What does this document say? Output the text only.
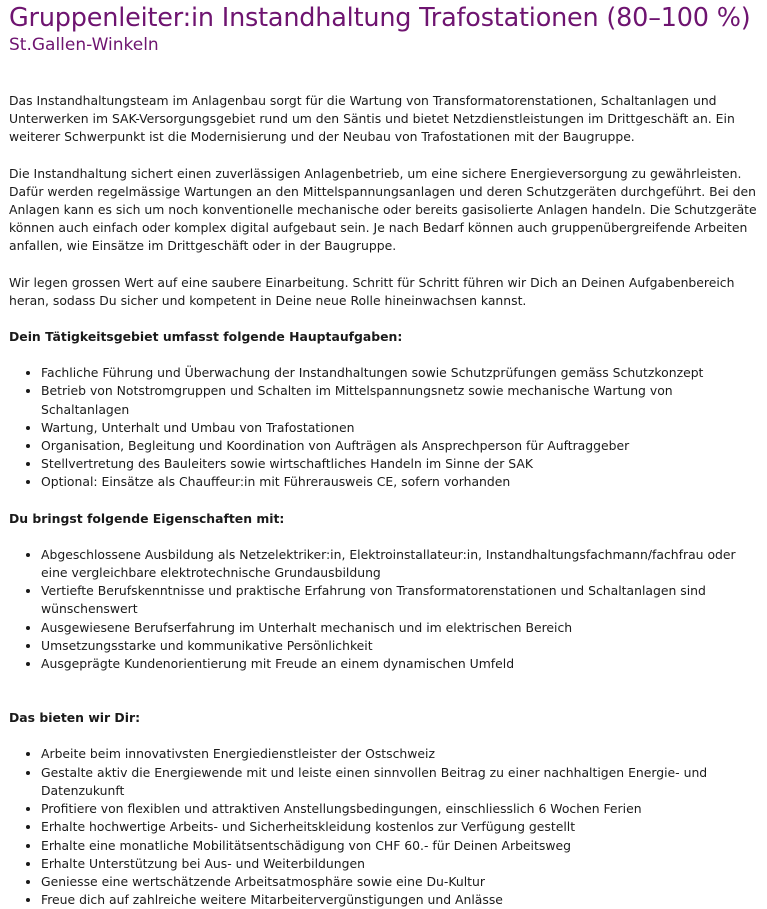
Gruppenleiter:in Instandhaltung Trafostationen (80–100 %)
St.Gallen-Winkeln

Das Instandhaltungsteam im Anlagenbau sorgt für die Wartung von Transformatorenstationen, Schaltanlagen und Unterwerken im SAK-Versorgungsgebiet rund um den Säntis und bietet Netzdienstleistungen im Drittgeschäft an. Ein weiterer Schwerpunkt ist die Modernisierung und der Neubau von Trafostationen mit der Baugruppe.

Die Instandhaltung sichert einen zuverlässigen Anlagenbetrieb, um eine sichere Energieversorgung zu gewährleisten. Dafür werden regelmässige Wartungen an den Mittelspannungsanlagen und deren Schutzgeräten durchgeführt. Bei den Anlagen kann es sich um noch konventionelle mechanische oder bereits gasisolierte Anlagen handeln. Die Schutzgeräte können auch einfach oder komplex digital aufgebaut sein. Je nach Bedarf können auch gruppenübergreifende Arbeiten anfallen, wie Einsätze im Drittgeschäft oder in der Baugruppe.

Wir legen grossen Wert auf eine saubere Einarbeitung. Schritt für Schritt führen wir Dich an Deinen Aufgabenbereich heran, sodass Du sicher und kompetent in Deine neue Rolle hineinwachsen kannst.

Dein Tätigkeitsgebiet umfasst folgende Hauptaufgaben:
• Fachliche Führung und Überwachung der Instandhaltungen sowie Schutzprüfungen gemäss Schutzkonzept
• Betrieb von Notstromgruppen und Schalten im Mittelspannungsnetz sowie mechanische Wartung von Schaltanlagen
• Wartung, Unterhalt und Umbau von Trafostationen
• Organisation, Begleitung und Koordination von Aufträgen als Ansprechperson für Auftraggeber
• Stellvertretung des Bauleiters sowie wirtschaftliches Handeln im Sinne der SAK
• Optional: Einsätze als Chauffeur:in mit Führerausweis CE, sofern vorhanden
Du bringst folgende Eigenschaften mit:
• Abgeschlossene Ausbildung als Netzelektriker:in, Elektroinstallateur:in, Instandhaltungsfachmann/fachfrau oder eine vergleichbare elektrotechnische Grundausbildung
• Vertiefte Berufskenntnisse und praktische Erfahrung von Transformatorenstationen und Schaltanlagen sind wünschenswert
• Ausgewiesene Berufserfahrung im Unterhalt mechanisch und im elektrischen Bereich
• Umsetzungsstarke und kommunikative Persönlichkeit
• Ausgeprägte Kundenorientierung mit Freude an einem dynamischen Umfeld
Das bieten wir Dir:
• Arbeite beim innovativsten Energiedienstleister der Ostschweiz
• Gestalte aktiv die Energiewende mit und leiste einen sinnvollen Beitrag zu einer nachhaltigen Energie- und Datenzukunft
• Profitiere von flexiblen und attraktiven Anstellungsbedingungen, einschliesslich 6 Wochen Ferien
• Erhalte hochwertige Arbeits- und Sicherheitskleidung kostenlos zur Verfügung gestellt
• Erhalte eine monatliche Mobilitätsentschädigung von CHF 60.- für Deinen Arbeitsweg
• Erhalte Unterstützung bei Aus- und Weiterbildungen
• Geniesse eine wertschätzende Arbeitsatmosphäre sowie eine Du-Kultur
• Freue dich auf zahlreiche weitere Mitarbeitervergünstigungen und Anlässe
